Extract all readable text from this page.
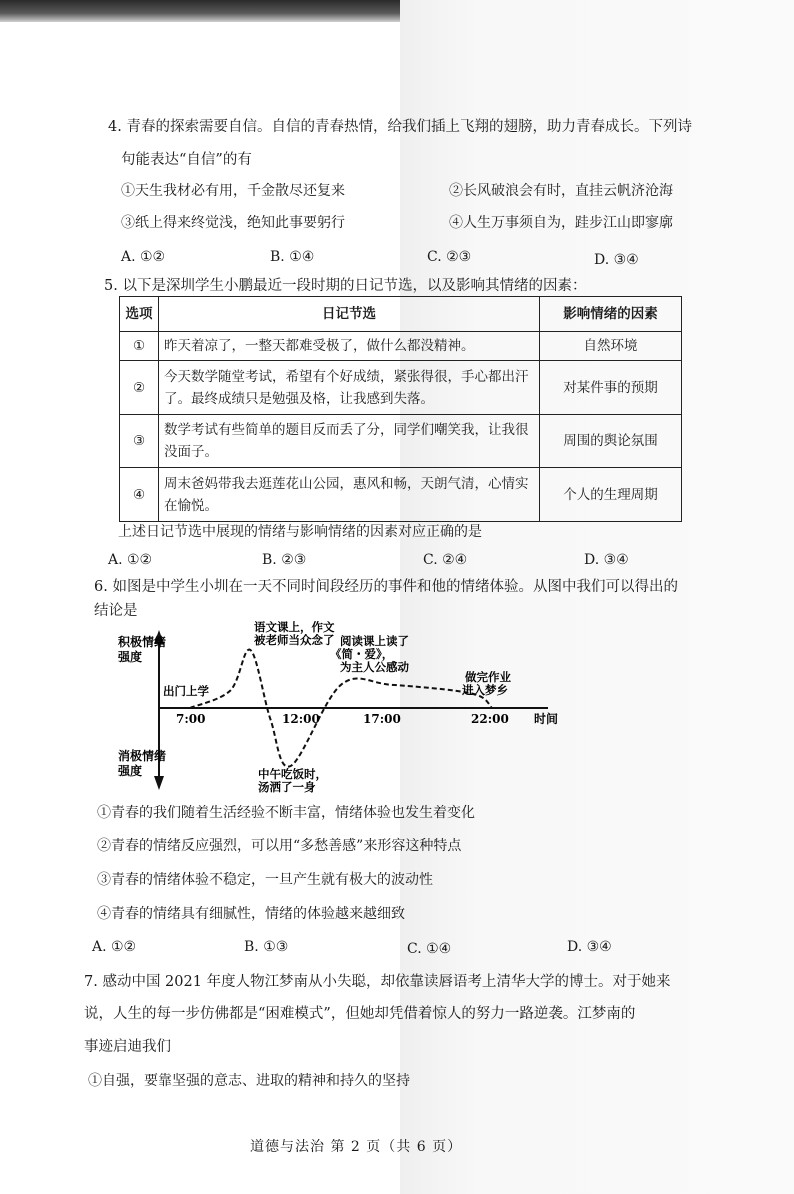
4. 青春的探索需要自信。自信的青春热情，给我们插上飞翔的翅膀，助力青春成长。下列诗
句能表达“自信”的有
①天生我材必有用，千金散尽还复来	②长风破浪会有时，直挂云帆济沧海
③纸上得来终觉浅，绝知此事要躬行	④人生万事须自为，跬步江山即寥廓
A. ①②	B. ①④	C. ②③	D. ③④
5. 以下是深圳学生小鹏最近一段时期的日记节选，以及影响其情绪的因素：
选项	日记节选	影响情绪的因素
①	昨天着凉了，一整天都难受极了，做什么都没精神。	自然环境
②	今天数学随堂考试，希望有个好成绩，紧张得很，手心都出汗了。最终成绩只是勉强及格，让我感到失落。	对某件事的预期
③	数学考试有些简单的题目反而丢了分，同学们嘲笑我，让我很没面子。	周围的舆论氛围
④	周末爸妈带我去逛莲花山公园，惠风和畅，天朗气清，心情实在愉悦。	个人的生理周期
上述日记节选中展现的情绪与影响情绪的因素对应正确的是
A. ①②	B. ②③	C. ②④	D. ③④
6. 如图是中学生小圳在一天不同时间段经历的事件和他的情绪体验。从图中我们可以得出的
结论是
积极情绪
强度
消极情绪
强度
7:00	12:00	17:00	22:00 时间
出门上学
语文课上，作文
被老师当众念了 阅读课上读了
《简・爱》，
为主人公感动
做完作业
进入梦乡
中午吃饭时，
汤洒了一身
①青春的我们随着生活经验不断丰富，情绪体验也发生着变化
②青春的情绪反应强烈，可以用“多愁善感”来形容这种特点
③青春的情绪体验不稳定，一旦产生就有极大的波动性
④青春的情绪具有细腻性，情绪的体验越来越细致
A. ①②	B. ①③	C. ①④	D. ③④
7. 感动中国 2021 年度人物江梦南从小失聪，却依靠读唇语考上清华大学的博士。对于她来
说，人生的每一步仿佛都是“困难模式”，但她却凭借着惊人的努力一路逆袭。江梦南的
事迹启迪我们
①自强，要靠坚强的意志、进取的精神和持久的坚持
道德与法治 第 2 页（共 6 页）
